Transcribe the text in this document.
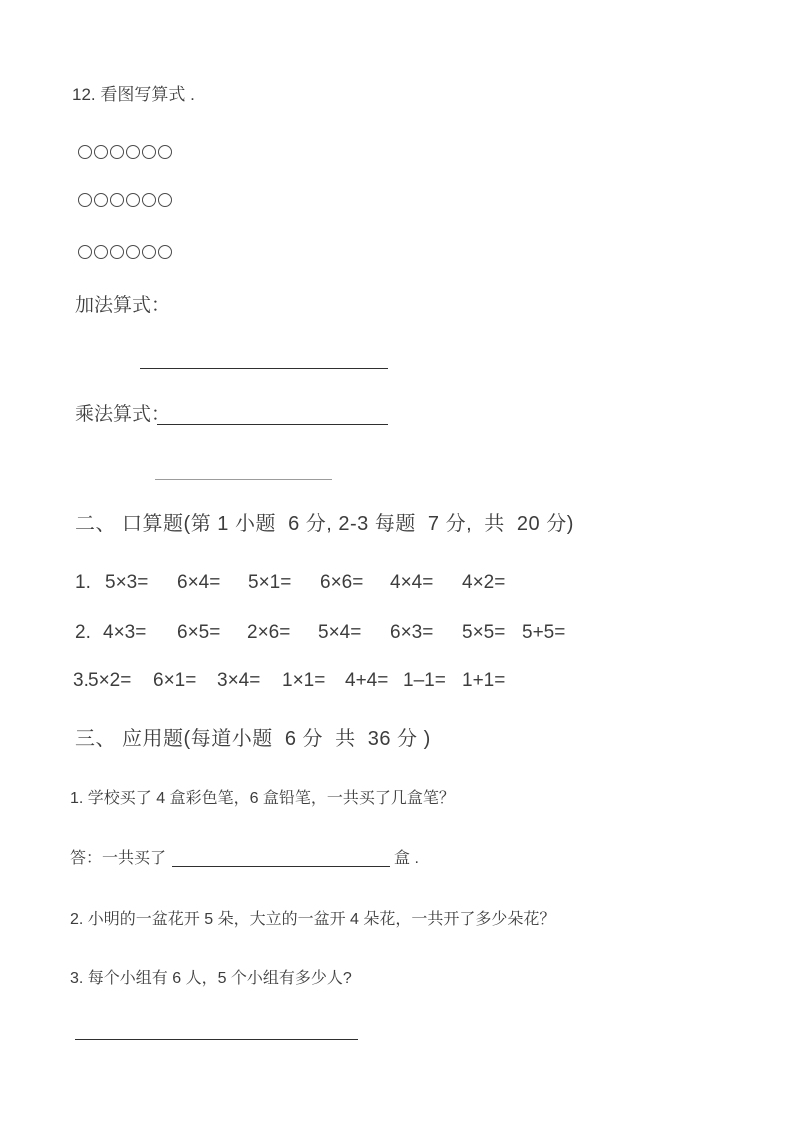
12. 看图写算式 .
加法算式：
乘法算式：
二、 口算题(第 1 小题  6 分, 2-3 每题  7 分,  共  20 分)
1. 5×3= 6×4= 5×1= 6×6= 4×4= 4×2=
2. 4×3= 6×5= 2×6= 5×4= 6×3= 5×5= 5+5=
3. 5×2= 6×1= 3×4= 1×1= 4+4= 1–1= 1+1=
三、 应用题(每道小题  6 分  共  36 分 )
1. 学校买了 4 盒彩色笔，6 盒铅笔，一共买了几盒笔？
答：一共买了	盒 .
2. 小明的一盆花开 5 朵，大立的一盆开 4 朵花，一共开了多少朵花？
3. 每个小组有 6 人，5 个小组有多少人?
